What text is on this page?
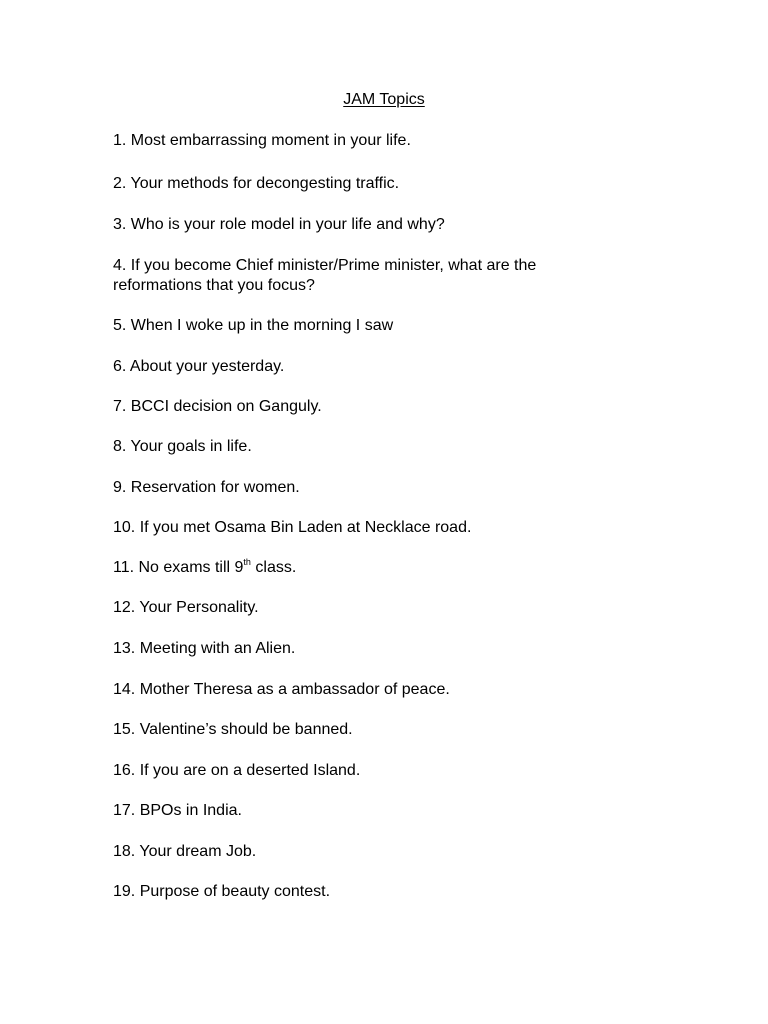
JAM Topics
1. Most embarrassing moment in your life.
2. Your methods for decongesting traffic.
3. Who is your role model in your life and why?
4. If you become Chief minister/Prime minister, what are the
reformations that you focus?
5. When I woke up in the morning I saw
6. About your yesterday.
7. BCCI decision on Ganguly.
8. Your goals in life.
9. Reservation for women.
10. If you met Osama Bin Laden at Necklace road.
11. No exams till 9th class.
12. Your Personality.
13. Meeting with an Alien.
14. Mother Theresa as a ambassador of peace.
15. Valentine’s should be banned.
16. If you are on a deserted Island.
17. BPOs in India.
18. Your dream Job.
19. Purpose of beauty contest.
